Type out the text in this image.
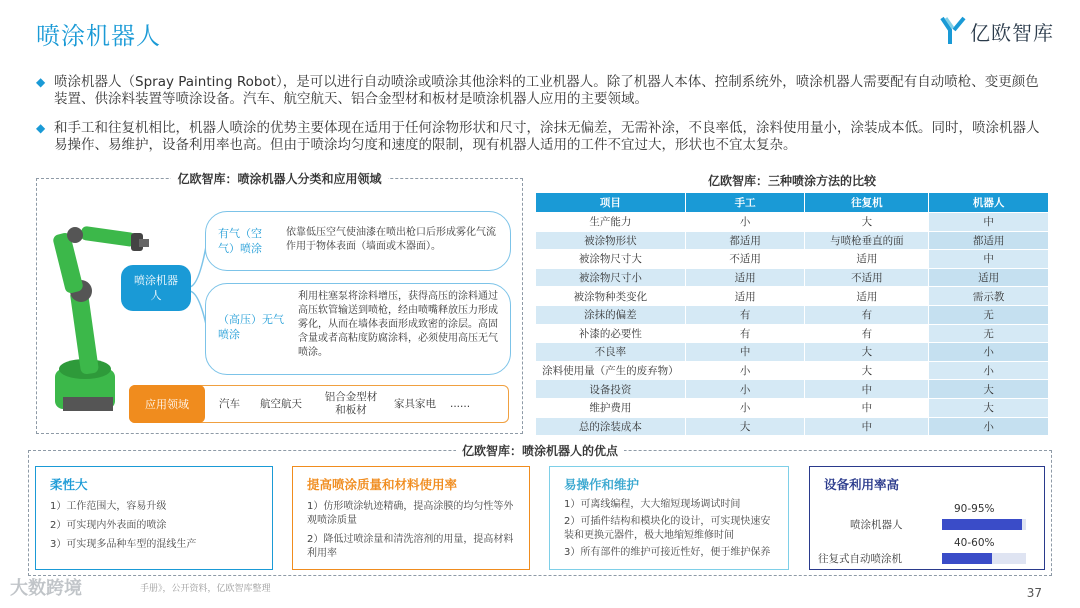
喷涂机器人	亿欧智库
◆ 喷涂机器人（Spray Painting Robot），是可以进行自动喷涂或喷涂其他涂料的工业机器人。除了机器人本体、控制系统外，喷涂机器人需要配有自动喷枪、变更颜色装置、供涂料装置等喷涂设备。汽车、航空航天、铝合金型材和板材是喷涂机器人应用的主要领域。
◆ 和手工和往复机相比，机器人喷涂的优势主要体现在适用于任何涂物形状和尺寸，涂抹无偏差，无需补涂，不良率低，涂料使用量小，涂装成本低。同时，喷涂机器人易操作、易维护，设备利用率也高。但由于喷涂均匀度和速度的限制，现有机器人适用的工件不宜过大，形状也不宜太复杂。
亿欧智库：喷涂机器人分类和应用领域
喷涂机器人
有气（空气）喷涂
依靠低压空气使油漆在喷出枪口后形成雾化气流作用于物体表面（墙面或木器面）。
（高压）无气喷涂
利用柱塞泵将涂料增压，获得高压的涂料通过高压软管输送到喷枪，经由喷嘴释放压力形成雾化，从而在墙体表面形成致密的涂层。高固含量或者高粘度防腐涂料，必须使用高压无气喷涂。
应用领域	汽车 航空航天
铝合金型材和板材
家具家电 ......
亿欧智库：三种喷涂方法的比较
项目	手工	往复机	机器人
生产能力	小	大	中
被涂物形状	都适用	与喷枪垂直的面	都适用
被涂物尺寸大	不适用	适用	中
被涂物尺寸小	适用	不适用	适用
被涂物种类变化	适用	适用	需示教
涂抹的偏差	有	有	无
补漆的必要性	有	有	无
不良率	中	大	小
涂料使用量（产生的废弃物）	小	大	小
设备投资	小	中	大
维护费用	小	中	大
总的涂装成本	大	中	小
亿欧智库：喷涂机器人的优点
柔性大

1）工作范围大，容易升级

2）可实现内外表面的喷涂

3）可实现多品种车型的混线生产

提高喷涂质量和材料使用率

1）仿形喷涂轨迹精确，提高涂膜的均匀性等外观喷涂质量

2）降低过喷涂量和清洗溶剂的用量，提高材料利用率

易操作和维护

1）可离线编程，大大缩短现场调试时间

2）可插件结构和模块化的设计，可实现快速安装和更换元器件，极大地缩短维修时间

3）所有部件的维护可接近性好，便于维护保养

设备利用率高
90-95%
喷涂机器人
40-60%
往复式自动喷涂机
大数跨境	手册》，公开资料，亿欧智库整理	37
